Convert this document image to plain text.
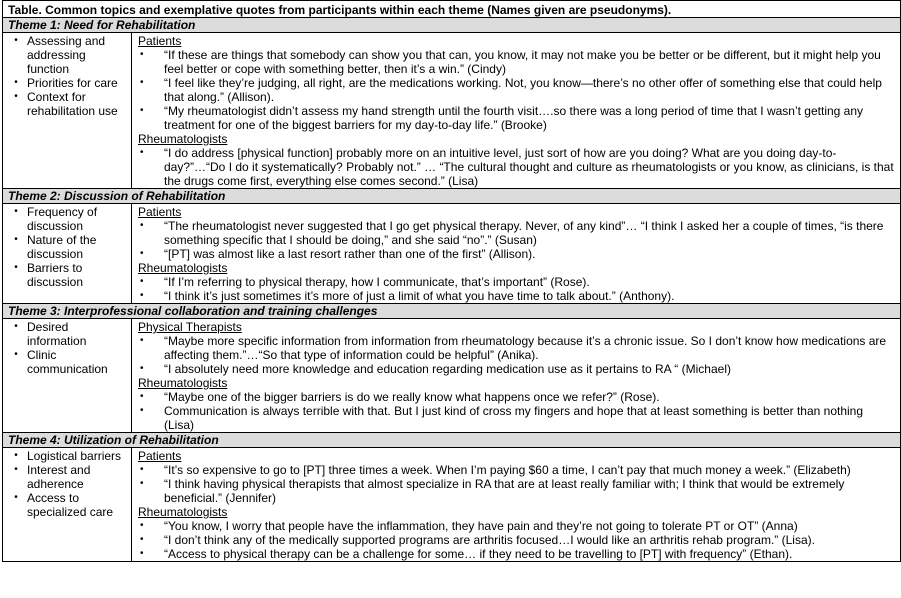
Table. Common topics and exemplative quotes from participants within each theme (Names given are pseudonyms).
Theme 1: Need for Rehabilitation
• Assessing and addressing function
• Priorities for care
• Context for rehabilitation use
Patients
•	“If these are things that somebody can show you that can, you know, it may not make you be better or be different, but it might help you feel better or cope with something better, then it’s a win.” (Cindy)
•	“I feel like they’re judging, all right, are the medications working. Not, you know—there’s no other offer of something else that could help that along.” (Allison).
•	“My rheumatologist didn’t assess my hand strength until the fourth visit….so there was a long period of time that I wasn’t getting any treatment for one of the biggest barriers for my day-to-day life.” (Brooke)
Rheumatologists
•	“I do address [physical function] probably more on an intuitive level, just sort of how are you doing? What are you doing day-to-day?”…“Do I do it systematically? Probably not.” … “The cultural thought and culture as rheumatologists or you know, as clinicians, is that the drugs come first, everything else comes second.” (Lisa)
Theme 2: Discussion of Rehabilitation
• Frequency of discussion
• Nature of the discussion
• Barriers to discussion
Patients
•	“The rheumatologist never suggested that I go get physical therapy. Never, of any kind”… “I think I asked her a couple of times, “is there something specific that I should be doing,” and she said “no”.” (Susan)
•	“[PT] was almost like a last resort rather than one of the first” (Allison).
Rheumatologists
•	“If I’m referring to physical therapy, how I communicate, that’s important” (Rose).
•	“I think it’s just sometimes it’s more of just a limit of what you have time to talk about.” (Anthony).
Theme 3: Interprofessional collaboration and training challenges
• Desired information
• Clinic communication
Physical Therapists
•	“Maybe more specific information from information from rheumatology because it’s a chronic issue. So I don’t know how medications are affecting them.”…“So that type of information could be helpful” (Anika).
•	“I absolutely need more knowledge and education regarding medication use as it pertains to RA “ (Michael)
Rheumatologists
•	“Maybe one of the bigger barriers is do we really know what happens once we refer?” (Rose).
•	Communication is always terrible with that. But I just kind of cross my fingers and hope that at least something is better than nothing (Lisa)
Theme 4: Utilization of Rehabilitation
• Logistical barriers
• Interest and adherence
• Access to specialized care
Patients
•	“It’s so expensive to go to [PT] three times a week. When I’m paying $60 a time, I can’t pay that much money a week.” (Elizabeth)
•	“I think having physical therapists that almost specialize in RA that are at least really familiar with; I think that would be extremely beneficial.” (Jennifer)
Rheumatologists
•	“You know, I worry that people have the inflammation, they have pain and they’re not going to tolerate PT or OT” (Anna)
•	“I don’t think any of the medically supported programs are arthritis focused…I would like an arthritis rehab program.” (Lisa).
•	“Access to physical therapy can be a challenge for some… if they need to be travelling to [PT] with frequency” (Ethan).
